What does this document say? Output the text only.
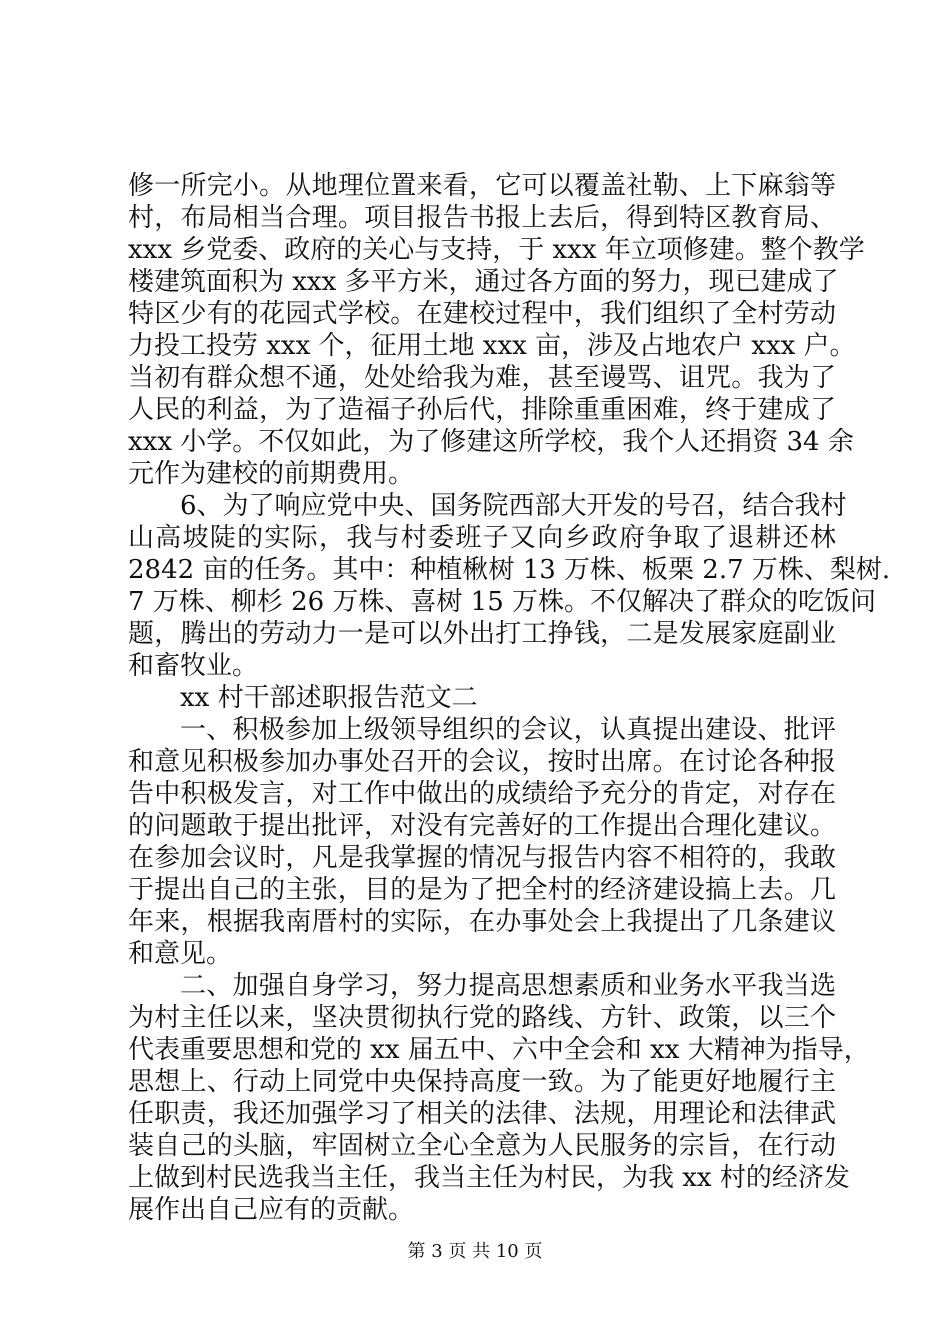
修一所完小。从地理位置来看，它可以覆盖社勒、上下麻翁等
村，布局相当合理。项目报告书报上去后，得到特区教育局、
xxx 乡党委、政府的关心与支持，于 xxx 年立项修建。整个教学
楼建筑面积为 xxx 多平方米，通过各方面的努力，现已建成了
特区少有的花园式学校。在建校过程中，我们组织了全村劳动
力投工投劳 xxx 个，征用土地 xxx 亩，涉及占地农户 xxx 户。
当初有群众想不通，处处给我为难，甚至谩骂、诅咒。我为了
人民的利益，为了造福子孙后代，排除重重困难，终于建成了
xxx 小学。不仅如此，为了修建这所学校，我个人还捐资 34 余
元作为建校的前期费用。
6、为了响应党中央、国务院西部大开发的号召，结合我村
山高坡陡的实际，我与村委班子又向乡政府争取了退耕还林
2842 亩的任务。其中：种植楸树 13 万株、板栗 2.7 万株、梨树.
7 万株、柳杉 26 万株、喜树 15 万株。不仅解决了群众的吃饭问
题，腾出的劳动力一是可以外出打工挣钱，二是发展家庭副业
和畜牧业。
xx 村干部述职报告范文二
一、积极参加上级领导组织的会议，认真提出建设、批评
和意见积极参加办事处召开的会议，按时出席。在讨论各种报
告中积极发言，对工作中做出的成绩给予充分的肯定，对存在
的问题敢于提出批评，对没有完善好的工作提出合理化建议。
在参加会议时，凡是我掌握的情况与报告内容不相符的，我敢
于提出自己的主张，目的是为了把全村的经济建设搞上去。几
年来，根据我南厝村的实际，在办事处会上我提出了几条建议
和意见。
二、加强自身学习，努力提高思想素质和业务水平我当选
为村主任以来，坚决贯彻执行党的路线、方针、政策，以三个
代表重要思想和党的 xx 届五中、六中全会和 xx 大精神为指导，
思想上、行动上同党中央保持高度一致。为了能更好地履行主
任职责，我还加强学习了相关的法律、法规，用理论和法律武
装自己的头脑，牢固树立全心全意为人民服务的宗旨，在行动
上做到村民选我当主任，我当主任为村民，为我 xx 村的经济发
展作出自己应有的贡献。
第 3 页 共 10 页
